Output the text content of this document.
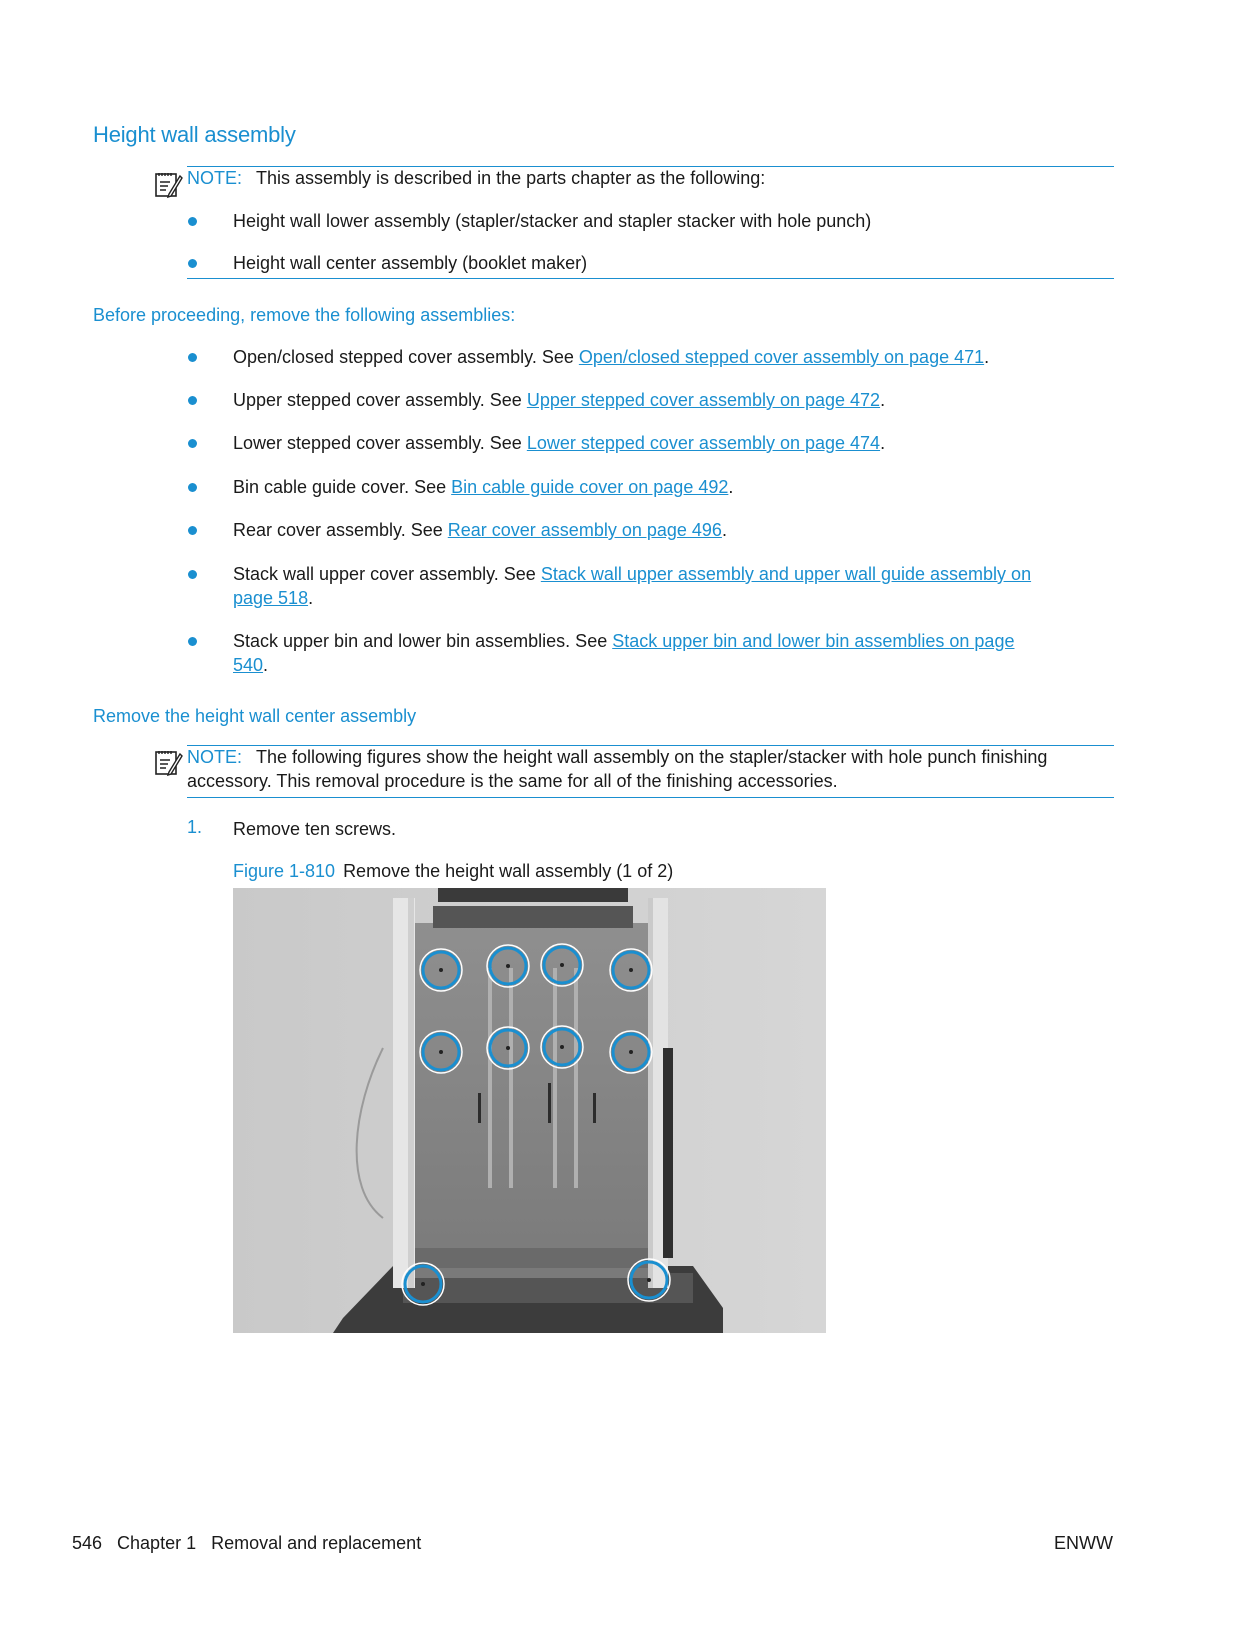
Height wall assembly
NOTE: This assembly is described in the parts chapter as the following:
Height wall lower assembly (stapler/stacker and stapler stacker with hole punch)
Height wall center assembly (booklet maker)
Before proceeding, remove the following assemblies:
Open/closed stepped cover assembly. See Open/closed stepped cover assembly on page 471.
Upper stepped cover assembly. See Upper stepped cover assembly on page 472.
Lower stepped cover assembly. See Lower stepped cover assembly on page 474.
Bin cable guide cover. See Bin cable guide cover on page 492.
Rear cover assembly. See Rear cover assembly on page 496.
Stack wall upper cover assembly. See Stack wall upper assembly and upper wall guide assembly on page 518.
Stack upper bin and lower bin assemblies. See Stack upper bin and lower bin assemblies on page 540.
Remove the height wall center assembly
NOTE: The following figures show the height wall assembly on the stapler/stacker with hole punch finishing accessory. This removal procedure is the same for all of the finishing accessories.
1. Remove ten screws.
Figure 1-810 Remove the height wall assembly (1 of 2)
546   Chapter 1   Removal and replacement	ENWW
